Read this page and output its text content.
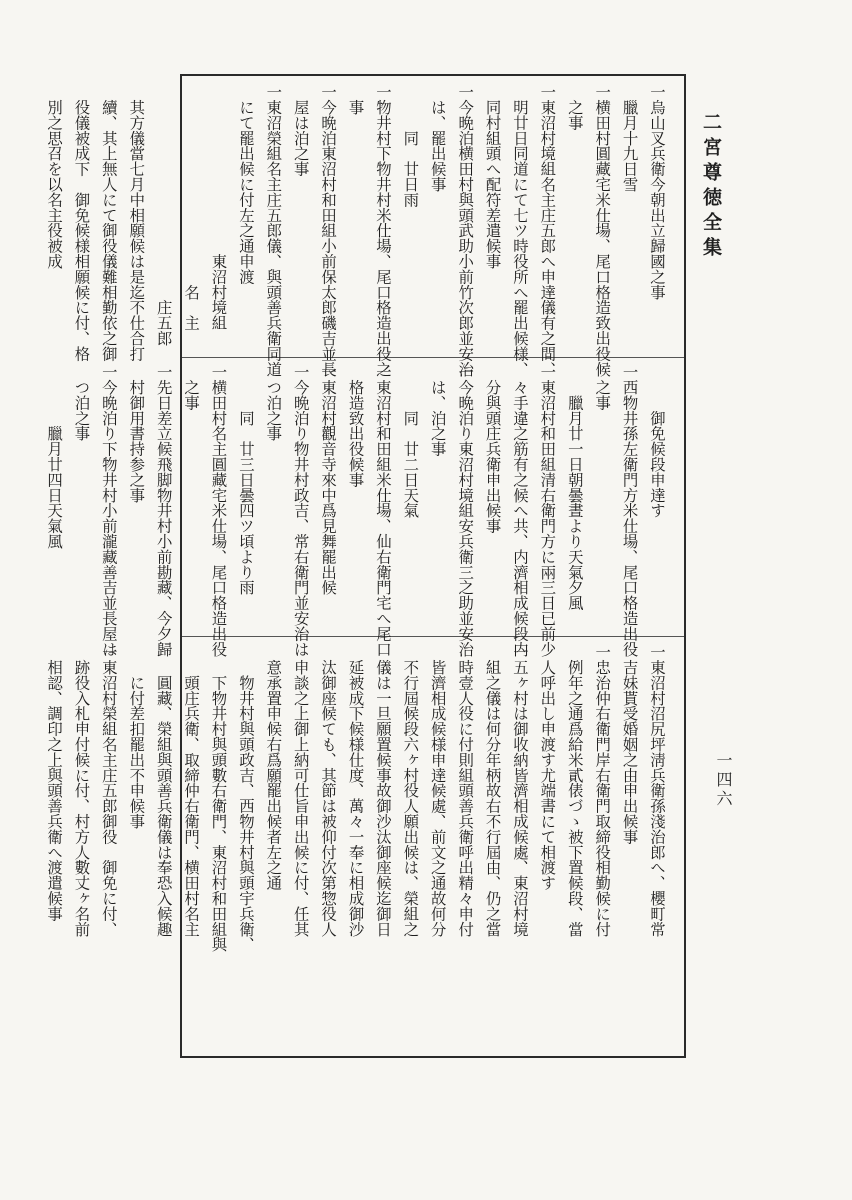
二宮尊徳全集
一四六
一烏山叉兵衛今朝出立歸國之事
　臘月十九日雪
一横田村圓藏宅米仕場、尾口格造致出役候
　之事
一東沼村境組名主庄五郎へ申達儀有之間、
　明廿日同道にて七ツ時役所へ罷出候様、
　同村組頭へ配符差遣候事
一今晩泊横田村與頭武助小前竹次郎並安治
　は、罷出候事
　　　同　廿日雨
一物井村下物井村米仕場、尾口格造出役之
　事
一今晩泊東沼村和田組小前保太郎磯吉並長
　屋は泊之事
一東沼榮組名主庄五郎儀、與頭善兵衛同道
　にて罷出候に付左之通申渡
　　　　　　　　　　　東沼村境組
　　　　　　　　　　　　　名　主
　　　　　　　　　　　　　　庄五郎
　其方儀當七月中相願候は是迄不仕合打
　續、其上無人にて御役儀難相勤依之御
　役儀被成下　御免候様相願候に付、格
　別之思召を以名主役被成
　　　御免候段申達す
一西物井孫左衛門方米仕場、尾口格造出役
　之事
　　臘月廿一日朝曇晝より天氣夕風
一東沼村和田組清右衛門方に兩三日已前少
　々手違之筋有之候へ共、内濟相成候段内
　分與頭庄兵衛申出候事
一今晩泊り東沼村境組安兵衛三之助並安治
　は、泊之事
　　　同　廿二日天氣
一東沼村和田組米仕場、仙右衛門宅へ尾口
　格造致出役候事
一東沼村觀音寺來中爲見舞罷出候
一今晩泊り物井村政吉、常右衛門並安治は
　つ泊之事
　　　同　廿三日曇四ツ頃より雨
一横田村名主圓藏宅米仕場、尾口格造出役
　之事
一先日差立候飛脚物井村小前勘藏、今夕歸
　村御用書持参之事
一今晩泊り下物井村小前瀧藏善吉並長屋は
　つ泊之事
　　　　臘月廿四日天氣風
一東沼村沼尻坪淸兵衛孫淺治郎へ、櫻町常
　吉妹貰受婚姻之由申出候事
一忠治仲右衛門岸右衛門取締役相勤候に付
　例年之通爲給米貳俵づゝ被下置候段、當
　人呼出し申渡す尤端書にて相渡す
一五ヶ村は御收納皆濟相成候處、東沼村境
　組之儀は何分年柄故右不行屆由、仍之當
　時壹人役に付則組頭善兵衛呼出精々申付
　皆濟相成候様申達候處、前文之通故何分
　不行屆候段六ヶ村役人願出候は、榮組之
　儀は一旦願置候事故御沙汰御座候迄御日
　延被成下候様仕度、萬々一奉に相成御沙
　汰御座候ても、其節は被仰付次第惣役人
　申談之上御上納可仕旨申出候に付、任其
　意承置申候右爲願罷出候者左之通
　　物井村與頭政吉、西物井村與頭宇兵衛、
　　下物井村與頭數右衛門、東沼村和田組與
　　頭庄兵衛、取締仲右衛門、横田村名主
　　圓藏、榮組與頭善兵衛儀は奉恐入候趣
　　に付差扣罷出不申候事
一東沼村榮組名主庄五郎御役　御免に付、
　跡役入札申付候に付、村方人數丈ヶ名前
　相認、調印之上與頭善兵衛へ渡遣候事
